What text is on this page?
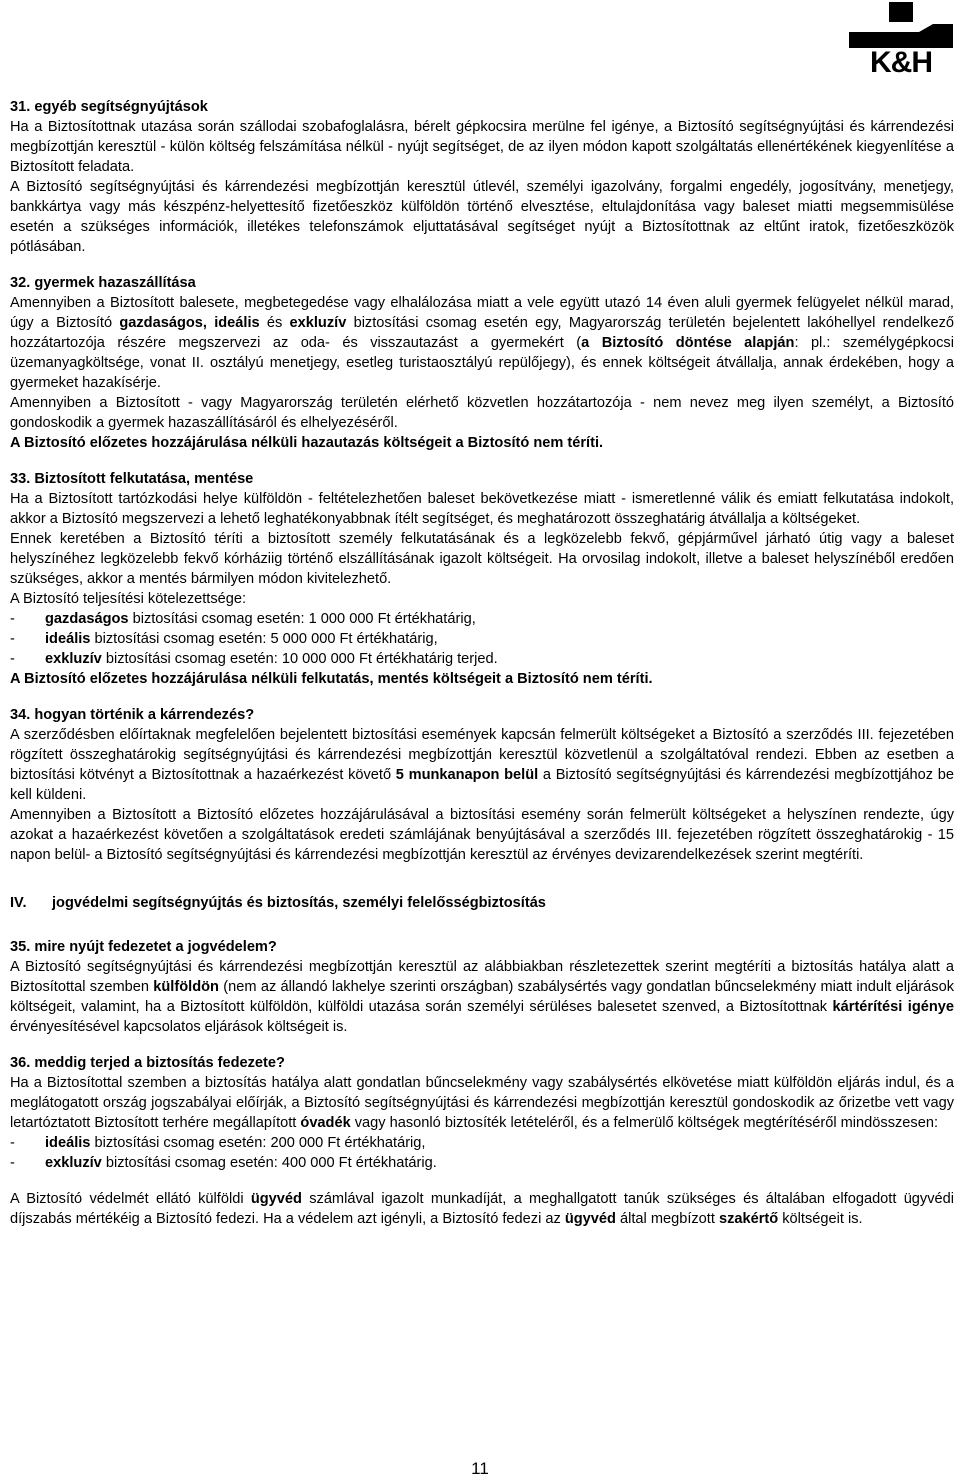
K&H

31. egyéb segítségnyújtások

Ha a Biztosítottnak utazása során szállodai szobafoglalásra, bérelt gépkocsira merülne fel igénye, a Biztosító segítségnyújtási és kárrendezési megbízottján keresztül - külön költség felszámítása nélkül - nyújt segítséget, de az ilyen módon kapott szolgáltatás ellenértékének kiegyenlítése a Biztosított feladata.

A Biztosító segítségnyújtási és kárrendezési megbízottján keresztül útlevél, személyi igazolvány, forgalmi engedély, jogosítvány, menetjegy, bankkártya vagy más készpénz-helyettesítő fizetőeszköz külföldön történő elvesztése, eltulajdonítása vagy baleset miatti megsemmisülése esetén a szükséges információk, illetékes telefonszámok eljuttatásával segítséget nyújt a Biztosítottnak az eltűnt iratok, fizetőeszközök pótlásában.

32. gyermek hazaszállítása

Amennyiben a Biztosított balesete, megbetegedése vagy elhalálozása miatt a vele együtt utazó 14 éven aluli gyermek felügyelet nélkül marad, úgy a Biztosító gazdaságos, ideális és exkluzív biztosítási csomag esetén egy, Magyarország területén bejelentett lakóhellyel rendelkező hozzátartozója részére megszervezi az oda- és visszautazást a gyermekért (a Biztosító döntése alapján: pl.: személygépkocsi üzemanyagköltsége, vonat II. osztályú menetjegy, esetleg turistaosztályú repülőjegy), és ennek költségeit átvállalja, annak érdekében, hogy a gyermeket hazakísérje.

Amennyiben a Biztosított - vagy Magyarország területén elérhető közvetlen hozzátartozója - nem nevez meg ilyen személyt, a Biztosító gondoskodik a gyermek hazaszállításáról és elhelyezéséről.

A Biztosító előzetes hozzájárulása nélküli hazautazás költségeit a Biztosító nem téríti.

33. Biztosított felkutatása, mentése

Ha a Biztosított tartózkodási helye külföldön - feltételezhetően baleset bekövetkezése miatt - ismeretlenné válik és emiatt felkutatása indokolt, akkor a Biztosító megszervezi a lehető leghatékonyabbnak ítélt segítséget, és meghatározott összeghatárig átvállalja a költségeket.

Ennek keretében a Biztosító téríti a biztosított személy felkutatásának és a legközelebb fekvő, gépjárművel járható útig vagy a baleset helyszínéhez legközelebb fekvő kórháziig történő elszállításának igazolt költségeit. Ha orvosilag indokolt, illetve a baleset helyszínéből eredően szükséges, akkor a mentés bármilyen módon kivitelezhető.

A Biztosító teljesítési kötelezettsége:

-	gazdaságos biztosítási csomag esetén: 1 000 000 Ft értékhatárig,
-	ideális biztosítási csomag esetén: 5 000 000 Ft értékhatárig,
-	exkluzív biztosítási csomag esetén: 10 000 000 Ft értékhatárig terjed.

A Biztosító előzetes hozzájárulása nélküli felkutatás, mentés költségeit a Biztosító nem téríti.

34. hogyan történik a kárrendezés?

A szerződésben előírtaknak megfelelően bejelentett biztosítási események kapcsán felmerült költségeket a Biztosító a szerződés III. fejezetében rögzített összeghatárokig segítségnyújtási és kárrendezési megbízottján keresztül közvetlenül a szolgáltatóval rendezi. Ebben az esetben a biztosítási kötvényt a Biztosítottnak a hazaérkezést követő 5 munkanapon belül a Biztosító segítségnyújtási és kárrendezési megbízottjához be kell küldeni.

Amennyiben a Biztosított a Biztosító előzetes hozzájárulásával a biztosítási esemény során felmerült költségeket a helyszínen rendezte, úgy azokat a hazaérkezést követően a szolgáltatások eredeti számlájának benyújtásával a szerződés III. fejezetében rögzített összeghatárokig - 15 napon belül- a Biztosító segítségnyújtási és kárrendezési megbízottján keresztül az érvényes devizarendelkezések szerint megtéríti.

IV.	jogvédelmi segítségnyújtás és biztosítás, személyi felelősségbiztosítás

35. mire nyújt fedezetet a jogvédelem?

A Biztosító segítségnyújtási és kárrendezési megbízottján keresztül az alábbiakban részletezettek szerint megtéríti a biztosítás hatálya alatt a Biztosítottal szemben külföldön (nem az állandó lakhelye szerinti országban) szabálysértés vagy gondatlan bűncselekmény miatt indult eljárások költségeit, valamint, ha a Biztosított külföldön, külföldi utazása során személyi sérüléses balesetet szenved, a Biztosítottnak kártérítési igénye érvényesítésével kapcsolatos eljárások költségeit is.

36. meddig terjed a biztosítás fedezete?

Ha a Biztosítottal szemben a biztosítás hatálya alatt gondatlan bűncselekmény vagy szabálysértés elkövetése miatt külföldön eljárás indul, és a meglátogatott ország jogszabályai előírják, a Biztosító segítségnyújtási és kárrendezési megbízottján keresztül gondoskodik az őrizetbe vett vagy letartóztatott Biztosított terhére megállapított óvadék vagy hasonló biztosíték letételéről, és a felmerülő költségek megtérítéséről mindösszesen:

-	ideális biztosítási csomag esetén: 200 000 Ft értékhatárig,
-	exkluzív biztosítási csomag esetén: 400 000 Ft értékhatárig.

A Biztosító védelmét ellátó külföldi ügyvéd számlával igazolt munkadíját, a meghallgatott tanúk szükséges és általában elfogadott ügyvédi díjszabás mértékéig a Biztosító fedezi. Ha a védelem azt igényli, a Biztosító fedezi az ügyvéd által megbízott szakértő költségeit is.

11
